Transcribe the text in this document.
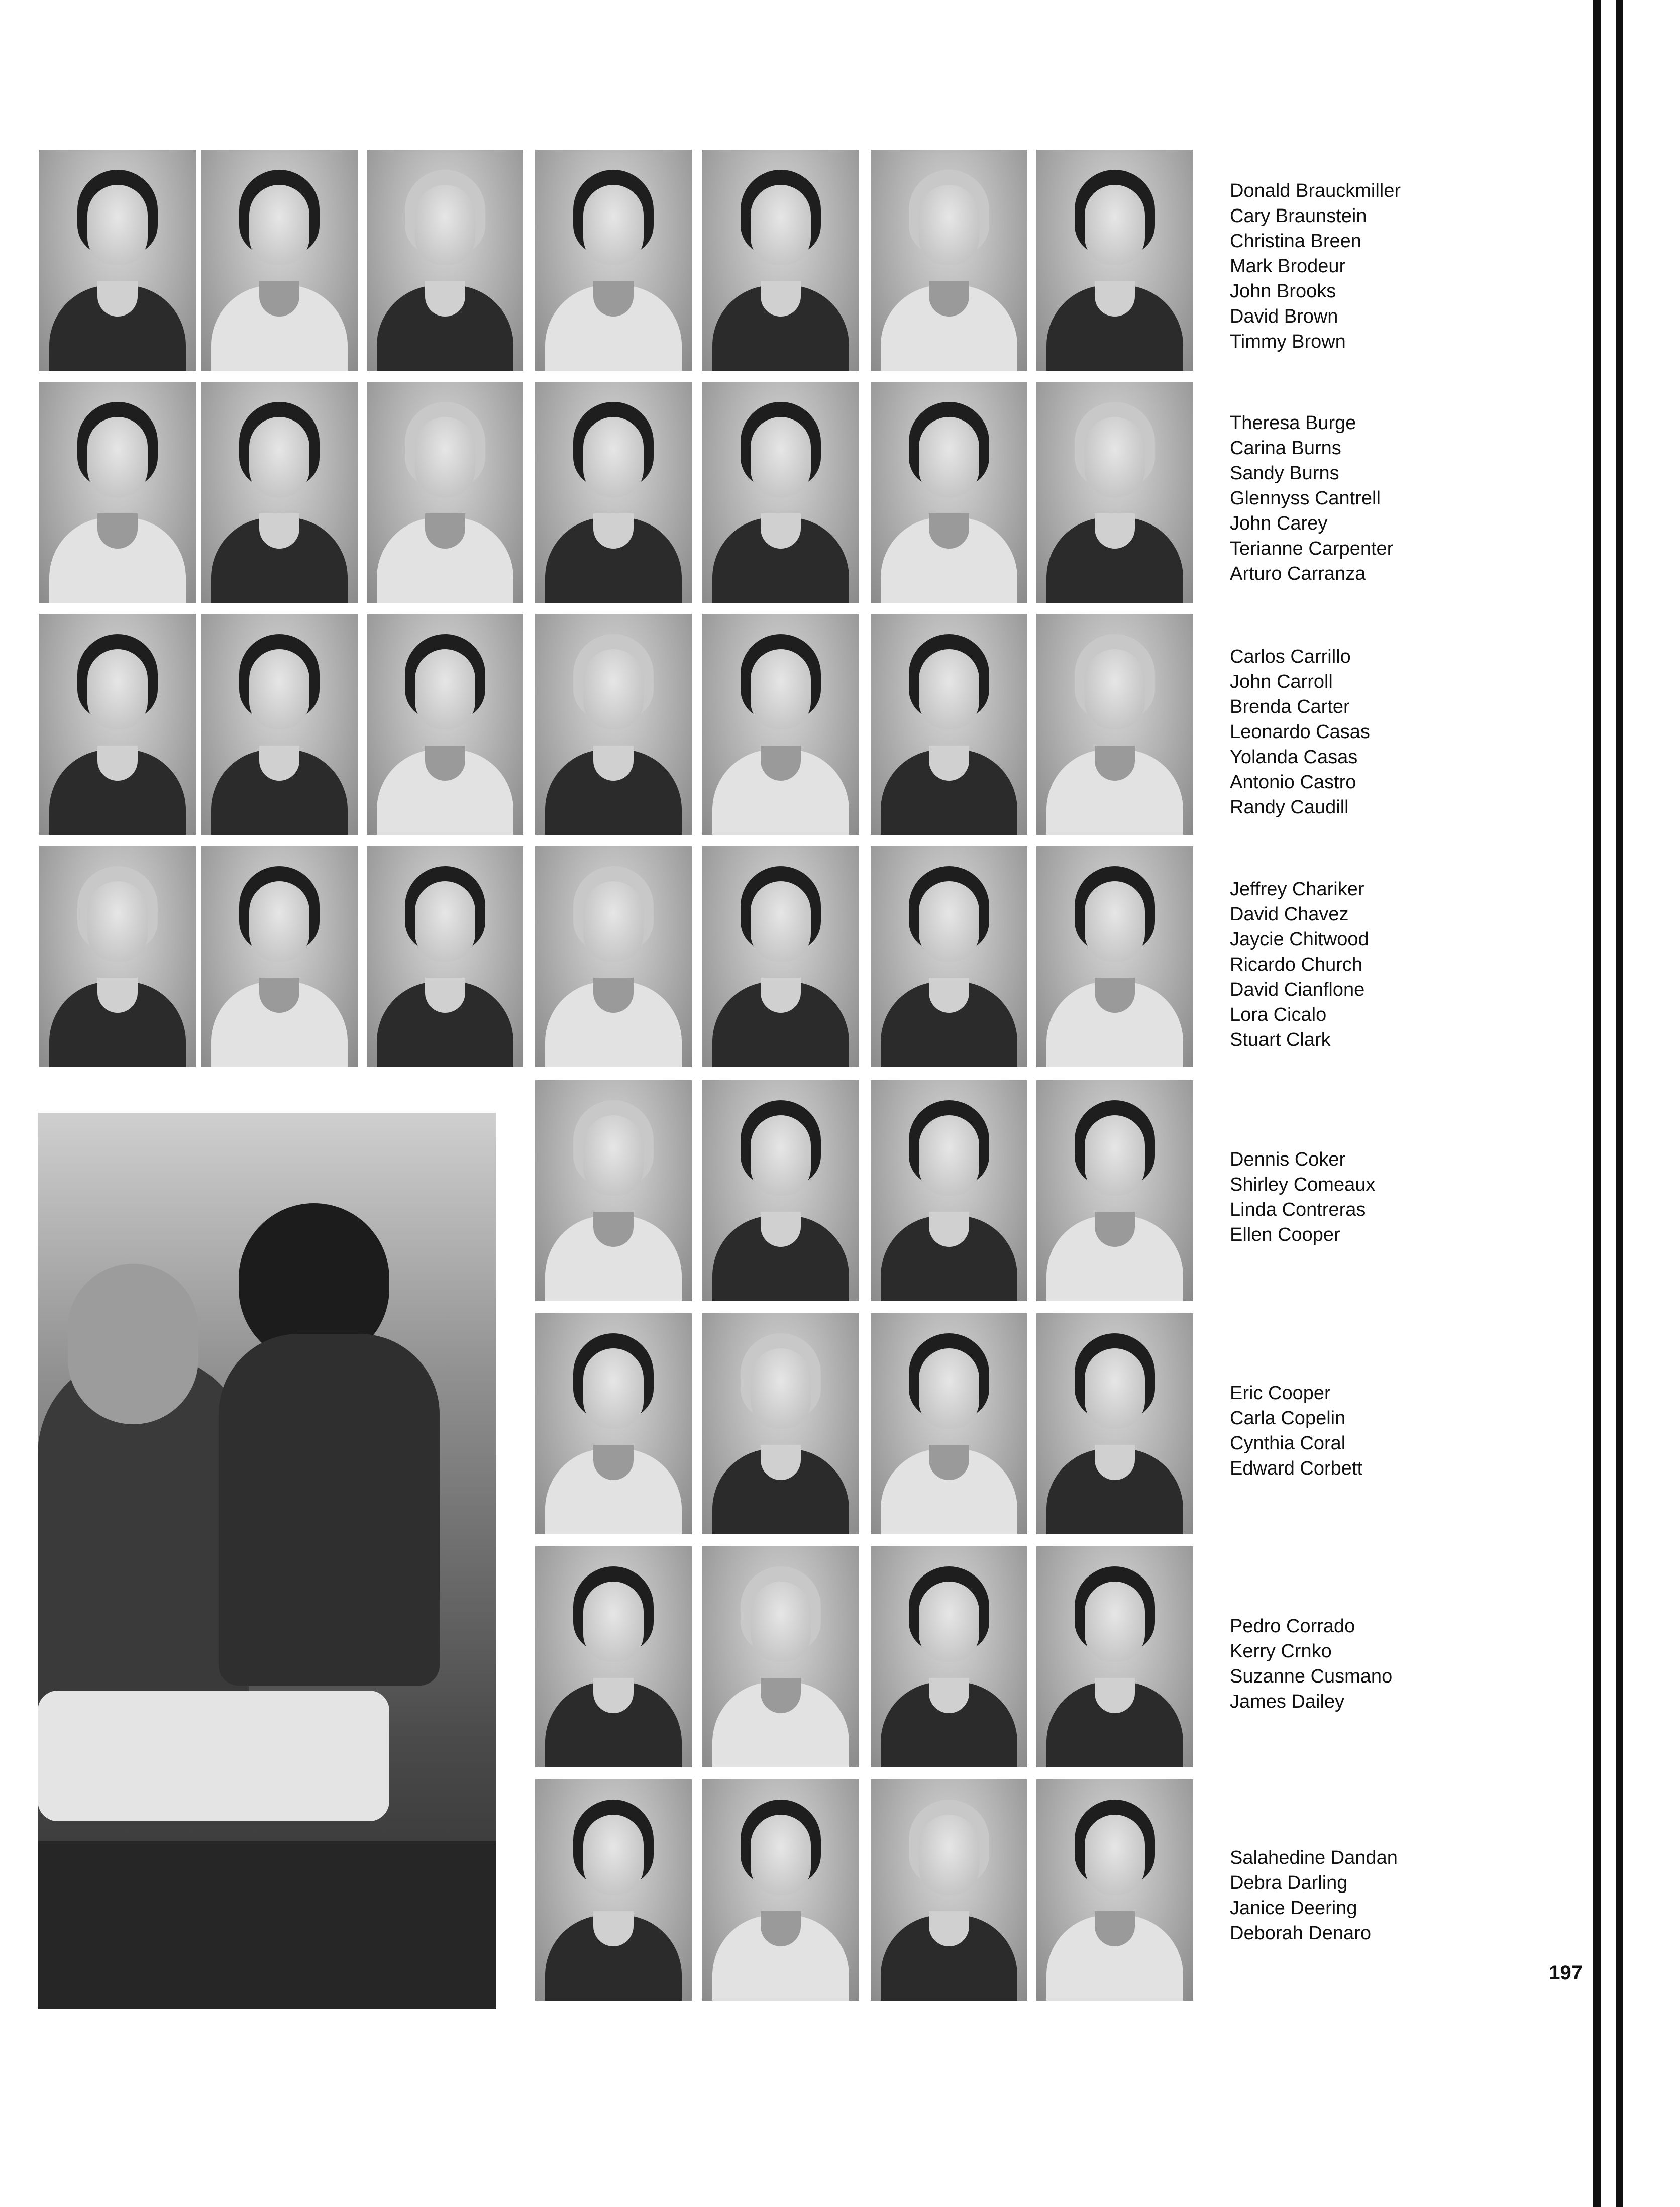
Donald Brauckmiller
Cary Braunstein
Christina Breen
Mark Brodeur
John Brooks
David Brown
Timmy Brown
Theresa Burge
Carina Burns
Sandy Burns
Glennyss Cantrell
John Carey
Terianne Carpenter
Arturo Carranza
Carlos Carrillo
John Carroll
Brenda Carter
Leonardo Casas
Yolanda Casas
Antonio Castro
Randy Caudill
Jeffrey Chariker
David Chavez
Jaycie Chitwood
Ricardo Church
David Cianflone
Lora Cicalo
Stuart Clark
Dennis Coker
Shirley Comeaux
Linda Contreras
Ellen Cooper
Eric Cooper
Carla Copelin
Cynthia Coral
Edward Corbett
Pedro Corrado
Kerry Crnko
Suzanne Cusmano
James Dailey
Salahedine Dandan
Debra Darling
Janice Deering
Deborah Denaro
197
